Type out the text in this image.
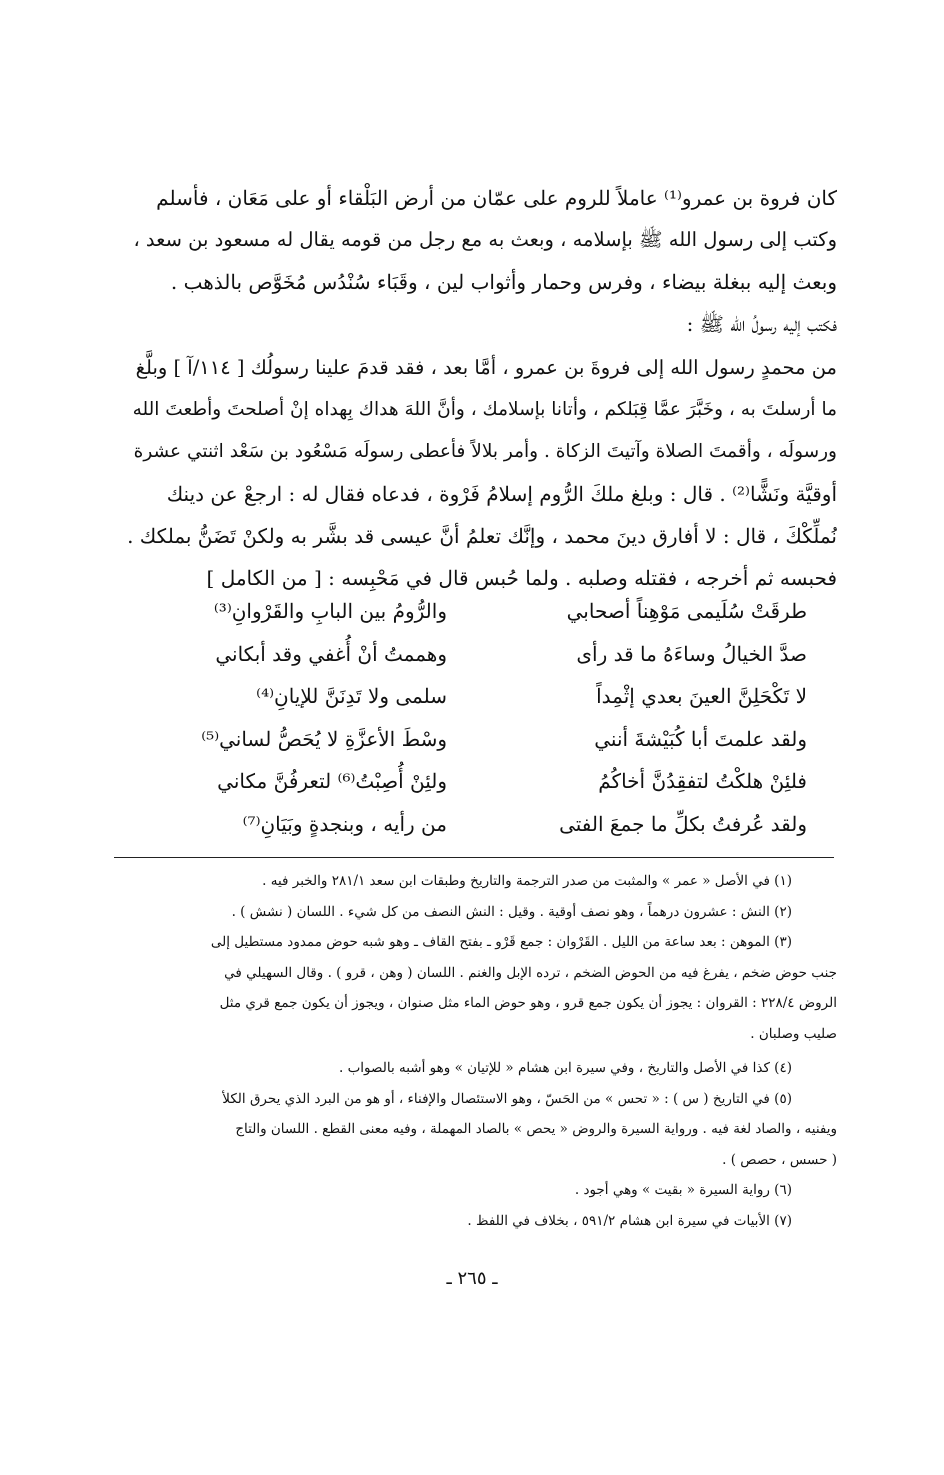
كان فروة بن عمرو⁽¹⁾ عاملاً للروم على عمّان من أرض البَلْقاء أو على مَعَان ، فأسلم
وكتب إلى رسول الله ﷺ بإسلامه ، وبعث به مع رجل من قومه يقال له مسعود بن سعد ،
وبعث إليه ببغلة بيضاء ، وفرس وحمار وأثواب لين ، وقَبَاء سُنْدُس مُخَوَّص بالذهب .
فكتب إليه رسولُ الله ﷺ :
من محمدٍ رسول الله إلى فروةَ بن عمرو ، أمَّا بعد ، فقد قدمَ علينا رسولُك [ ١١٤/آ ] وبلَّغ
ما أرسلتَ به ، وخَبَّرَ عمَّا قِبَلكم ، وأتانا بإسلامك ، وأنَّ اللهَ هداك بِهداه إنْ أصلحتَ وأطعتَ الله
ورسولَه ، وأقمتَ الصلاة وآتيتَ الزكاة . وأمر بلالاً فأعطى رسولَه مَسْعُود بن سَعْد اثنتي عشرة
أوقيَّة ونَشًّا⁽²⁾ . قال : وبلغ ملكَ الرُّوم إسلامُ فَرْوة ، فدعاه فقال له : ارجعْ عن دينك
نُملِّكْكَ ، قال : لا أفارق دينَ محمد ، وإنَّك تعلمُ أنَّ عيسى قد بشَّر به ولكنْ تَضَنُّ بملكك .
فحبسه ثم أخرجه ، فقتله وصلبه . ولما حُبس قال في مَحْبِسه : [ من الكامل ]
طرقَتْ سُلَيمى مَوْهِناً أصحابي
والرُّومُ بين البابِ والقَرْوانِ⁽³⁾
صدَّ الخيالُ وساءَهُ ما قد رأى
وهممتُ أنْ أُغفي وقد أبكاني
لا تَكْحَلِنَّ العينَ بعدي إثْمِداً
سلمى ولا تَدِنَنَّ للإيانِ⁽⁴⁾
ولقد علمتَ أبا كُبَيْشةَ أنني
وسْطَ الأعزَّةِ لا يُحَصُّ لساني⁽⁵⁾
فلئِنْ هلكْتُ لتفقِدُنَّ أخاكُمُ
ولئِنْ أُصِبْتُ⁽⁶⁾ لتعرفُنَّ مكاني
ولقد عُرفتُ بكلِّ ما جمعَ الفتى
من رأيه ، وبنجدةٍ وبَيَانِ⁽⁷⁾
(١) في الأصل « عمر » والمثبت من صدر الترجمة والتاريخ وطبقات ابن سعد ٢٨١/١ والخبر فيه .
(٢) النش : عشرون درهماً ، وهو نصف أوقية . وقيل : النش النصف من كل شيء . اللسان ( نشش ) .
(٣) الموهن : بعد ساعة من الليل . القَرْوان : جمع قَرْو ـ بفتح القاف ـ وهو شبه حوض ممدود مستطيل إلى
جنب حوض ضخم ، يفرغ فيه من الحوض الضخم ، ترده الإبل والغنم . اللسان ( وهن ، قرو ) . وقال السهيلي في
الروض ٢٢٨/٤ : القروان : يجوز أن يكون جمع قرو ، وهو حوض الماء مثل صنوان ، ويجوز أن يكون جمع قري مثل
صليب وصلبان .
(٤) كذا في الأصل والتاريخ ، وفي سيرة ابن هشام « للإتيان » وهو أشبه بالصواب .
(٥) في التاريخ ( س ) : « تحس » من الحَسّ ، وهو الاستئصال والإفناء ، أو هو من البرد الذي يحرق الكلأ
ويفنيه ، والصاد لغة فيه . ورواية السيرة والروض « يحص » بالصاد المهملة ، وفيه معنى القطع . اللسان والتاج
( حسس ، حصص ) .
(٦) رواية السيرة « بقيت » وهي أجود .
(٧) الأبيات في سيرة ابن هشام ٥٩١/٢ ، بخلاف في اللفظ .
ـ ٢٦٥ ـ
